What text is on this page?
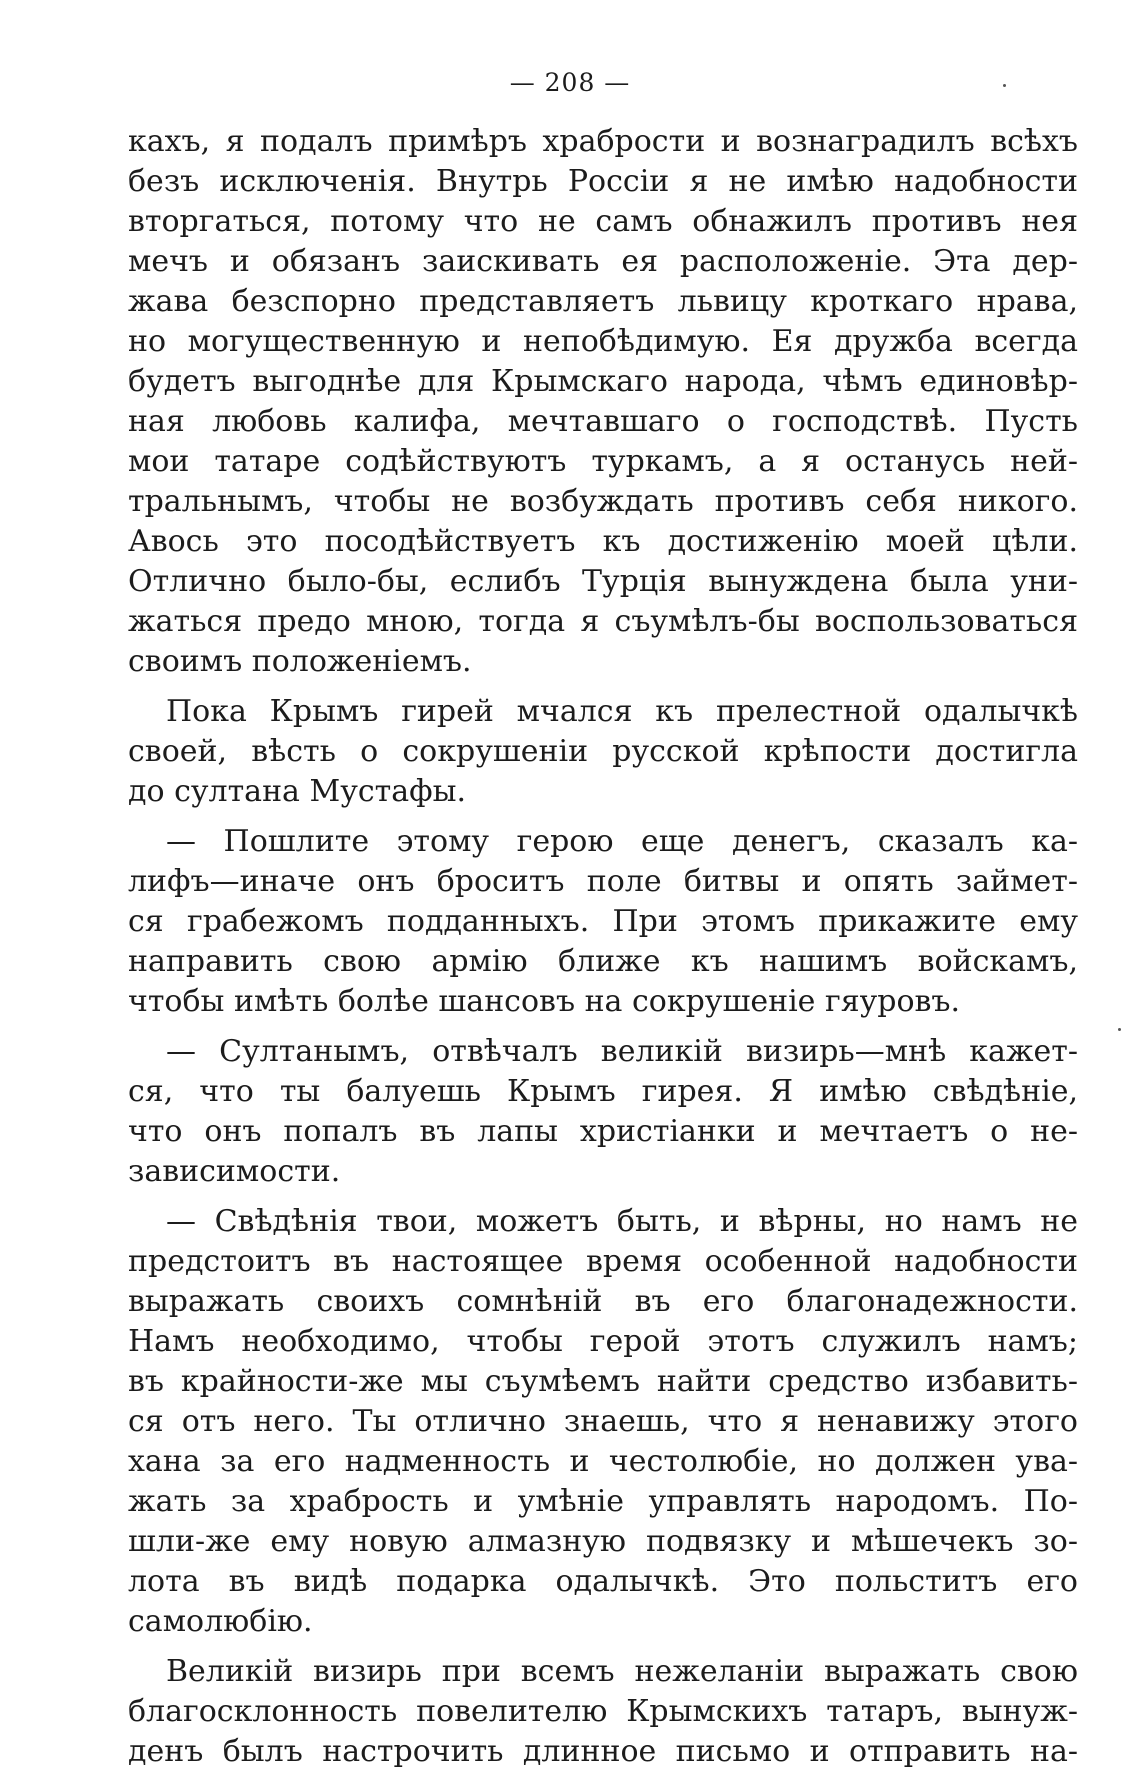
— 208 —
кахъ, я подалъ примѣръ храбрости и вознаградилъ всѣхъ
безъ исключенія. Внутрь Россіи я не имѣю надобности
вторгаться, потому что не самъ обнажилъ противъ нея
мечъ и обязанъ заискивать ея расположеніе. Эта дер-
жава безспорно представляетъ львицу кроткаго нрава,
но могущественную и непобѣдимую. Ея дружба всегда
будетъ выгоднѣе для Крымскаго народа, чѣмъ единовѣр-
ная любовь калифа, мечтавшаго о господствѣ. Пусть
мои татаре содѣйствуютъ туркамъ, а я останусь ней-
тральнымъ, чтобы не возбуждать противъ себя никого.
Авось это посодѣйствуетъ къ достиженію моей цѣли.
Отлично было-бы, еслибъ Турція вынуждена была уни-
жаться предо мною, тогда я съумѣлъ-бы воспользоваться
своимъ положеніемъ.
Пока Крымъ гирей мчался къ прелестной одалычкѣ
своей, вѣсть о сокрушеніи русской крѣпости достигла
до султана Мустафы.
— Пошлите этому герою еще денегъ, сказалъ ка-
лифъ—иначе онъ броситъ поле битвы и опять займет-
ся грабежомъ подданныхъ. При этомъ прикажите ему
направить свою армію ближе къ нашимъ войскамъ,
чтобы имѣть болѣе шансовъ на сокрушеніе гяуровъ.
— Султанымъ, отвѣчалъ великій визирь—мнѣ кажет-
ся, что ты балуешь Крымъ гирея. Я имѣю свѣдѣніе,
что онъ попалъ въ лапы христіанки и мечтаетъ о не-
зависимости.
— Свѣдѣнія твои, можетъ быть, и вѣрны, но намъ не
предстоитъ въ настоящее время особенной надобности
выражать своихъ сомнѣній въ его благонадежности.
Намъ необходимо, чтобы герой этотъ служилъ намъ;
въ крайности-же мы съумѣемъ найти средство избавить-
ся отъ него. Ты отлично знаешь, что я ненавижу этого
хана за его надменность и честолюбіе, но должен ува-
жать за храбрость и умѣніе управлять народомъ. По-
шли-же ему новую алмазную подвязку и мѣшечекъ зо-
лота въ видѣ подарка одалычкѣ. Это польститъ его
самолюбію.
Великій визирь при всемъ нежеланіи выражать свою
благосклонность повелителю Крымскихъ татаръ, вынуж-
денъ былъ настрочить длинное письмо и отправить на-
